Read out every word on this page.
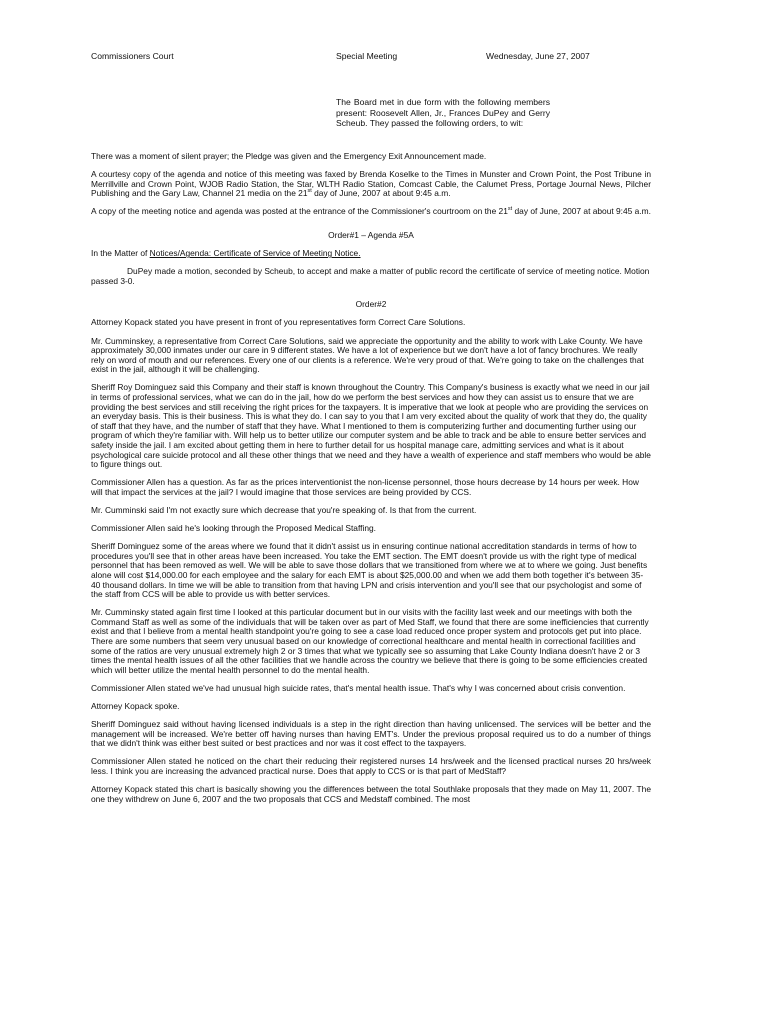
Commissioners Court	Special Meeting	Wednesday, June 27, 2007
The Board met in due form with the following members present: Roosevelt Allen, Jr., Frances DuPey and Gerry Scheub. They passed the following orders, to wit:

There was a moment of silent prayer; the Pledge was given and the Emergency Exit Announcement made.

A courtesy copy of the agenda and notice of this meeting was faxed by Brenda Koselke to the Times in Munster and Crown Point, the Post Tribune in Merrillville and Crown Point, WJOB Radio Station, the Star, WLTH Radio Station, Comcast Cable, the Calumet Press, Portage Journal News, Pilcher Publishing and the Gary Law, Channel 21 media on the 21st day of June, 2007 at about 9:45 a.m.

A copy of the meeting notice and agenda was posted at the entrance of the Commissioner's courtroom on the 21st day of June, 2007 at about 9:45 a.m.

Order#1 – Agenda #5A

In the Matter of Notices/Agenda: Certificate of Service of Meeting Notice.

DuPey made a motion, seconded by Scheub, to accept and make a matter of public record the certificate of service of meeting notice. Motion passed 3-0.

Order#2

Attorney Kopack stated you have present in front of you representatives form Correct Care Solutions.

Mr. Cumminskey, a representative from Correct Care Solutions, said we appreciate the opportunity and the ability to work with Lake County. We have approximately 30,000 inmates under our care in 9 different states. We have a lot of experience but we don't have a lot of fancy brochures. We really rely on word of mouth and our references. Every one of our clients is a reference. We're very proud of that. We're going to take on the challenges that exist in the jail, although it will be challenging.

Sheriff Roy Dominguez said this Company and their staff is known throughout the Country. This Company's business is exactly what we need in our jail in terms of professional services, what we can do in the jail, how do we perform the best services and how they can assist us to ensure that we are providing the best services and still receiving the right prices for the taxpayers. It is imperative that we look at people who are providing the services on an everyday basis. This is their business. This is what they do. I can say to you that I am very excited about the quality of work that they do, the quality of staff that they have, and the number of staff that they have. What I mentioned to them is computerizing further and documenting further using our program of which they're familiar with. Will help us to better utilize our computer system and be able to track and be able to ensure better services and safety inside the jail. I am excited about getting them in here to further detail for us hospital manage care, admitting services and what is it about psychological care suicide protocol and all these other things that we need and they have a wealth of experience and staff members who would be able to figure things out.

Commissioner Allen has a question. As far as the prices interventionist the non-license personnel, those hours decrease by 14 hours per week. How will that impact the services at the jail? I would imagine that those services are being provided by CCS.

Mr. Cumminski said I'm not exactly sure which decrease that you're speaking of. Is that from the current.

Commissioner Allen said he's looking through the Proposed Medical Staffing.

Sheriff Dominguez some of the areas where we found that it didn't assist us in ensuring continue national accreditation standards in terms of how to procedures you'll see that in other areas have been increased. You take the EMT section. The EMT doesn't provide us with the right type of medical personnel that has been removed as well. We will be able to save those dollars that we transitioned from where we at to where we going. Just benefits alone will cost $14,000.00 for each employee and the salary for each EMT is about $25,000.00 and when we add them both together it's between 35-40 thousand dollars. In time we will be able to transition from that having LPN and crisis intervention and you'll see that our psychologist and some of the staff from CCS will be able to provide us with better services.

Mr. Cumminsky stated again first time I looked at this particular document but in our visits with the facility last week and our meetings with both the Command Staff as well as some of the individuals that will be taken over as part of Med Staff, we found that there are some inefficiencies that currently exist and that I believe from a mental health standpoint you're going to see a case load reduced once proper system and protocols get put into place. There are some numbers that seem very unusual based on our knowledge of correctional healthcare and mental health in correctional facilities and some of the ratios are very unusual extremely high 2 or 3 times that what we typically see so assuming that Lake County Indiana doesn't have 2 or 3 times the mental health issues of all the other facilities that we handle across the country we believe that there is going to be some efficiencies created which will better utilize the mental health personnel to do the mental health.

Commissioner Allen stated we've had unusual high suicide rates, that's mental health issue. That's why I was concerned about crisis convention.

Attorney Kopack spoke.

Sheriff Dominguez said without having licensed individuals is a step in the right direction than having unlicensed. The services will be better and the management will be increased. We're better off having nurses than having EMT's. Under the previous proposal required us to do a number of things that we didn't think was either best suited or best practices and nor was it cost effect to the taxpayers.

Commissioner Allen stated he noticed on the chart their reducing their registered nurses 14 hrs/week and the licensed practical nurses 20 hrs/week less. I think you are increasing the advanced practical nurse. Does that apply to CCS or is that part of MedStaff?

Attorney Kopack stated this chart is basically showing you the differences between the total Southlake proposals that they made on May 11, 2007. The one they withdrew on June 6, 2007 and the two proposals that CCS and Medstaff combined. The most
